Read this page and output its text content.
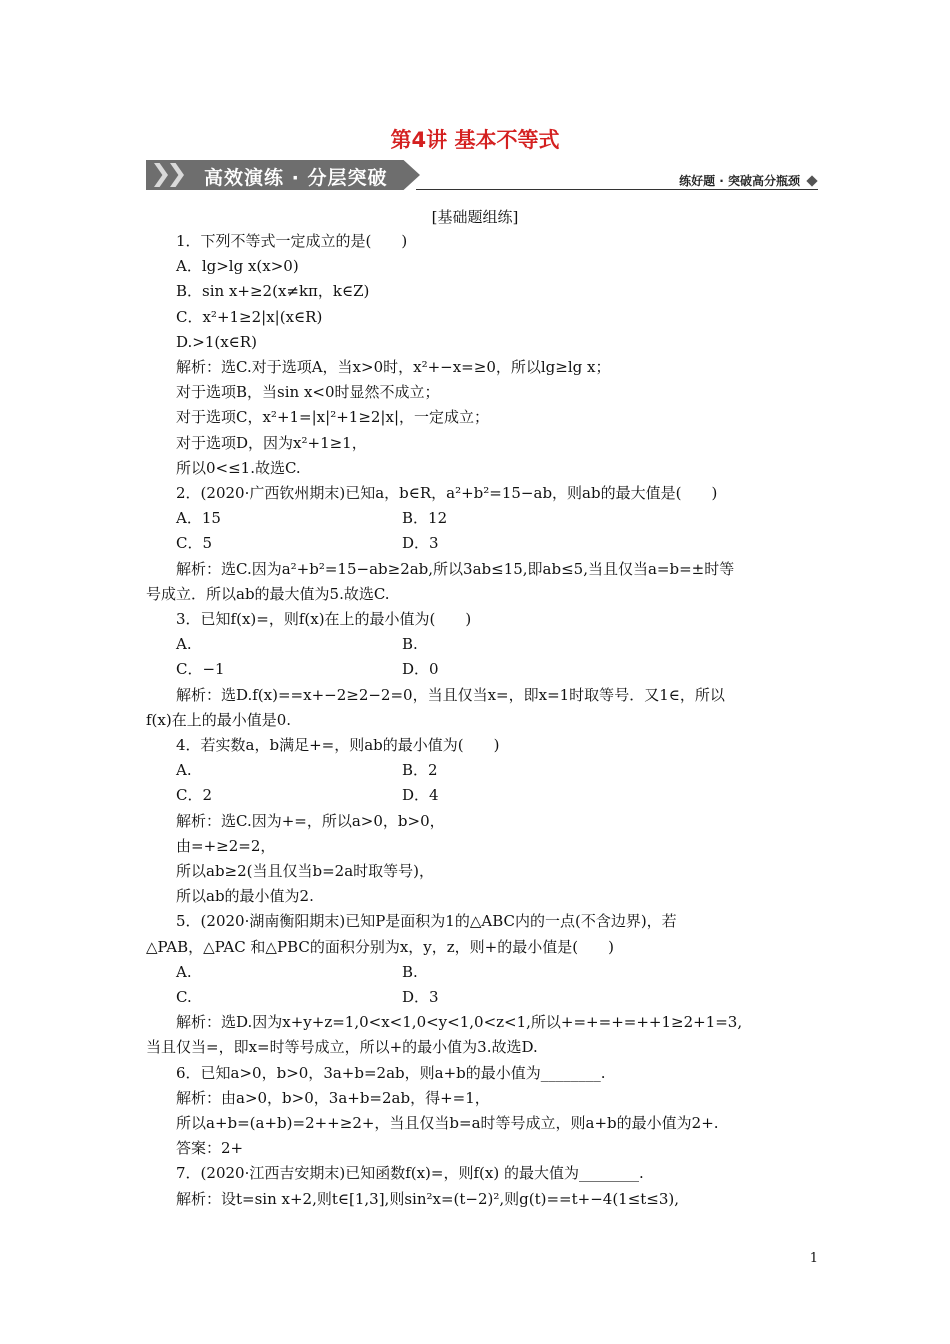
第4讲 基本不等式
高效演练 · 分层突破	练好题 · 突破高分瓶颈
[基础题组练]
1．下列不等式一定成立的是(　　)
A．lg>lg x(x>0)
B．sin x+≥2(x≠kπ，k∈Z)
C．x²+1≥2|x|(x∈R)
D.>1(x∈R)
解析：选C.对于选项A，当x>0时，x²+−x=≥0，所以lg≥lg x；
对于选项B，当sin x<0时显然不成立；
对于选项C，x²+1=|x|²+1≥2|x|，一定成立；
对于选项D，因为x²+1≥1，
所以0<≤1.故选C.
2．(2020·广西钦州期末)已知a，b∈R，a²+b²=15−ab，则ab的最大值是(　　)
A．15	B．12
C．5	D．3
解析：选C.因为a²+b²=15−ab≥2ab,所以3ab≤15,即ab≤5,当且仅当a=b=±时等
号成立．所以ab的最大值为5.故选C.
3．已知f(x)=，则f(x)在上的最小值为(　　)
A.	B.
C．−1	D．0
解析：选D.f(x)==x+−2≥2−2=0，当且仅当x=，即x=1时取等号．又1∈，所以
f(x)在上的最小值是0.
4．若实数a，b满足+=，则ab的最小值为(　　)
A.	B．2
C．2	D．4
解析：选C.因为+=，所以a>0，b>0，
由=+≥2=2，
所以ab≥2(当且仅当b=2a时取等号)，
所以ab的最小值为2.
5．(2020·湖南衡阳期末)已知P是面积为1的△ABC内的一点(不含边界)，若
△PAB，△PAC 和△PBC的面积分别为x，y，z，则+的最小值是(　　)
A.	B.
C.	D．3
解析：选D.因为x+y+z=1,0<x<1,0<y<1,0<z<1,所以+=+=+=++1≥2+1=3,
当且仅当=，即x=时等号成立，所以+的最小值为3.故选D.
6．已知a>0，b>0，3a+b=2ab，则a+b的最小值为________.
解析：由a>0，b>0，3a+b=2ab，得+=1，
所以a+b=(a+b)=2++≥2+，当且仅当b=a时等号成立，则a+b的最小值为2+.
答案：2+
7．(2020·江西吉安期末)已知函数f(x)=，则f(x) 的最大值为________.
解析：设t=sin x+2,则t∈[1,3],则sin²x=(t−2)²,则g(t)==t+−4(1≤t≤3),
1
